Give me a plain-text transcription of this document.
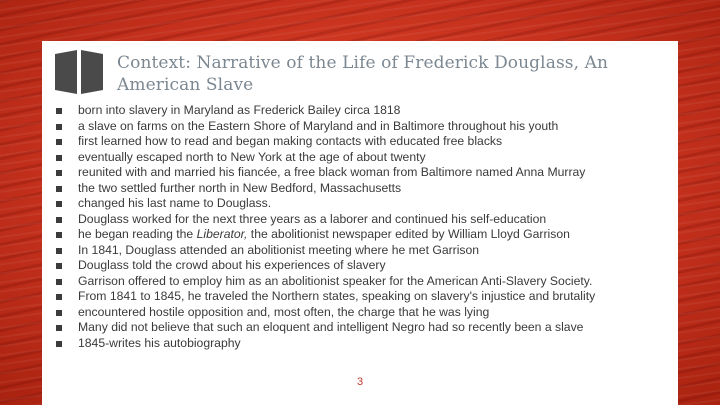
Context: Narrative of the Life of Frederick Douglass, An American Slave
born into slavery in Maryland as Frederick Bailey circa 1818
a slave on farms on the Eastern Shore of Maryland and in Baltimore throughout his youth
first learned how to read and began making contacts with educated free blacks
eventually escaped north to New York at the age of about twenty
reunited with and married his fiancée, a free black woman from Baltimore named Anna Murray
the two settled further north in New Bedford, Massachusetts
changed his last name to Douglass.
Douglass worked for the next three years as a laborer and continued his self-education
he began reading the Liberator, the abolitionist newspaper edited by William Lloyd Garrison
In 1841, Douglass attended an abolitionist meeting where he met Garrison
Douglass told the crowd about his experiences of slavery
Garrison offered to employ him as an abolitionist speaker for the American Anti-Slavery Society.
From 1841 to 1845, he traveled the Northern states, speaking on slavery's injustice and brutality
encountered hostile opposition and, most often, the charge that he was lying
Many did not believe that such an eloquent and intelligent Negro had so recently been a slave
1845-writes his autobiography
3
